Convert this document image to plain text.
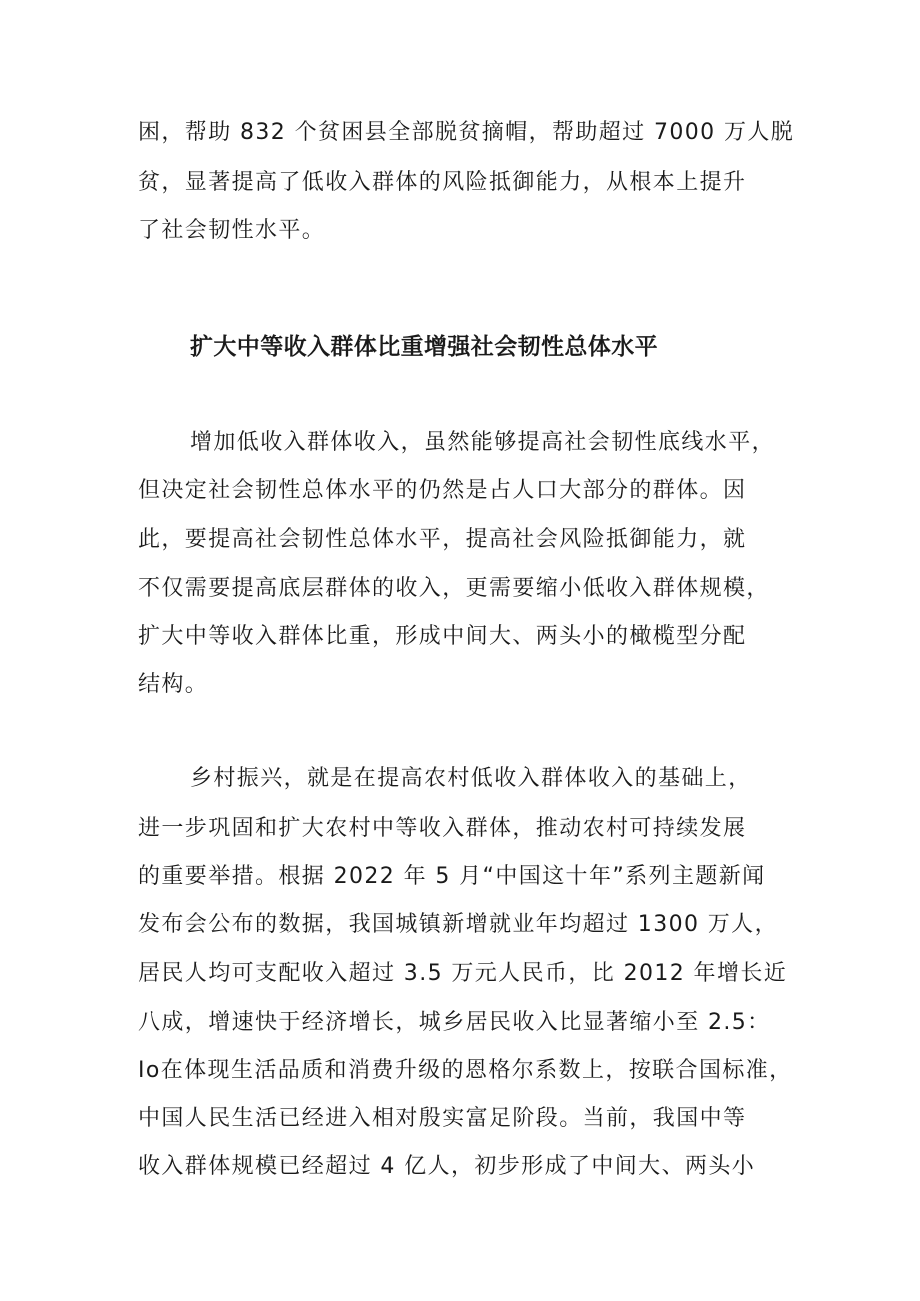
困，帮助 832 个贫困县全部脱贫摘帽，帮助超过 7000 万人脱
贫，显著提高了低收入群体的风险抵御能力，从根本上提升
了社会韧性水平。
扩大中等收入群体比重增强社会韧性总体水平
增加低收入群体收入，虽然能够提高社会韧性底线水平，
但决定社会韧性总体水平的仍然是占人口大部分的群体。因
此，要提高社会韧性总体水平，提高社会风险抵御能力，就
不仅需要提高底层群体的收入，更需要缩小低收入群体规模，
扩大中等收入群体比重，形成中间大、两头小的橄榄型分配
结构。
乡村振兴，就是在提高农村低收入群体收入的基础上，
进一步巩固和扩大农村中等收入群体，推动农村可持续发展
的重要举措。根据 2022 年 5 月“中国这十年”系列主题新闻
发布会公布的数据，我国城镇新增就业年均超过 1300 万人，
居民人均可支配收入超过 3.5 万元人民币，比 2012 年增长近
八成，增速快于经济增长，城乡居民收入比显著缩小至 2.5：
Io在体现生活品质和消费升级的恩格尔系数上，按联合国标准，
中国人民生活已经进入相对殷实富足阶段。当前，我国中等
收入群体规模已经超过 4 亿人，初步形成了中间大、两头小
